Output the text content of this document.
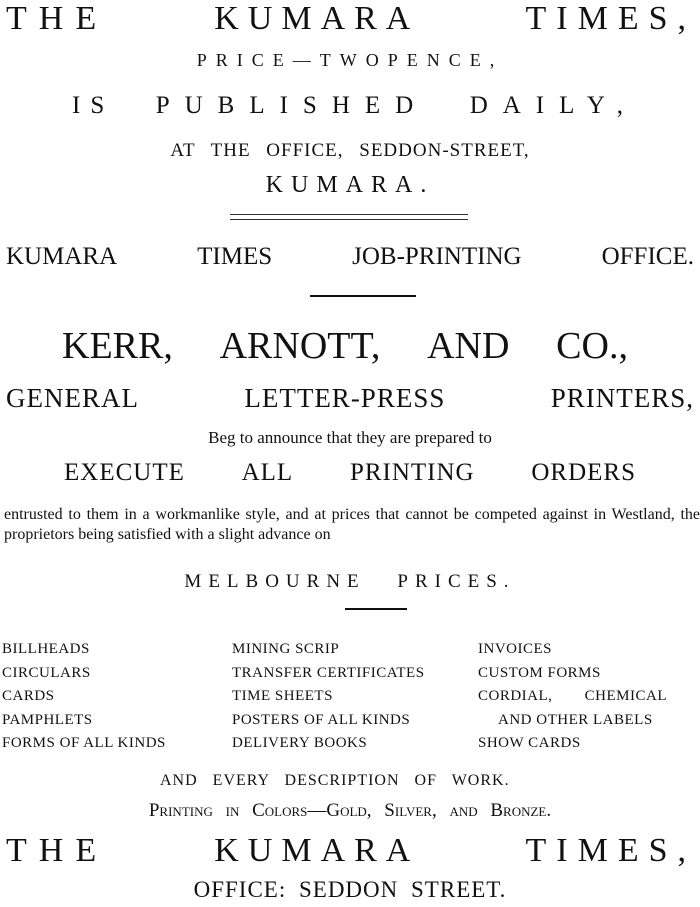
THE	KUMARA	TIMES,
PRICE—TWOPENCE,
IS PUBLISHED DAILY,
AT THE OFFICE, SEDDON-STREET,
KUMARA.
KUMARA	TIMES	JOB-PRINTING	OFFICE.
KERR, ARNOTT, AND CO.,
GENERAL	LETTER-PRESS	PRINTERS,
Beg to announce that they are prepared to
EXECUTE ALL PRINTING ORDERS
entrusted to them in a workmanlike style, and at prices that cannot be competed against in Westland, the proprietors being satisfied with a slight advance on
MELBOURNE PRICES.
BILLHEADS	MINING SCRIP	INVOICES
CIRCULARS	TRANSFER CERTIFICATES	CUSTOM FORMS
CARDS	TIME SHEETS	CORDIAL, CHEMICAL
PAMPHLETS	POSTERS OF ALL KINDS	AND OTHER LABELS
FORMS OF ALL KINDS	DELIVERY BOOKS	SHOW CARDS
AND EVERY DESCRIPTION OF WORK.
Printing in Colors—Gold, Silver, and Bronze.
THE	KUMARA	TIMES,
OFFICE: SEDDON STREET.
